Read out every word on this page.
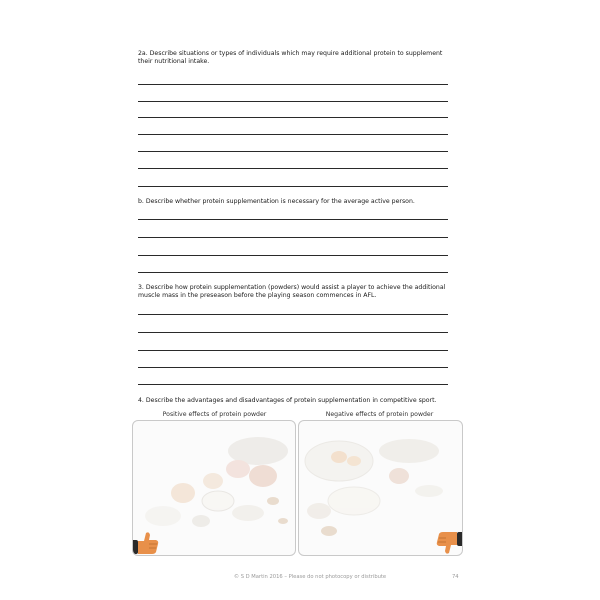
2a. Describe situations or types of individuals which may require additional protein to supplement their nutritional intake.
b. Describe whether protein supplementation is necessary for the average active person.
3. Describe how protein supplementation (powders) would assist a player to achieve the additional muscle mass in the preseason before the playing season commences in AFL.
4. Describe the advantages and disadvantages of protein supplementation in competitive sport.
Positive effects of protein powder	Negative effects of protein powder
© S D Martin 2016 – Please do not photocopy or distribute	74
